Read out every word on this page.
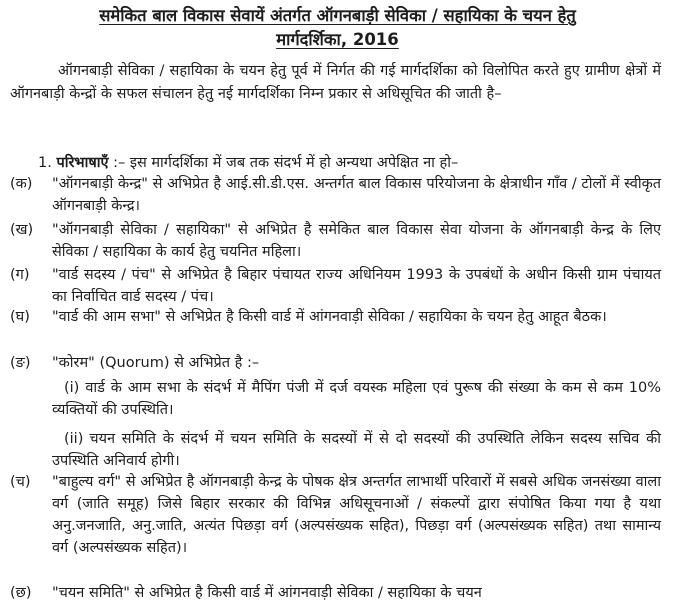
समेकित बाल विकास सेवायें अंतर्गत ऑगनबाड़ी सेविका / सहायिका के चयन हेतु
मार्गदर्शिका, 2016

ऑगनबाड़ी सेविका / सहायिका के चयन हेतु पूर्व में निर्गत की गई मार्गदर्शिका को विलोपित करते हुए ग्रामीण क्षेत्रों में ऑगनबाड़ी केन्द्रों के सफल संचालन हेतु नई मार्गदर्शिका निम्न प्रकार से अधिसूचित की जाती है–

1. परिभाषाएँ :– इस मार्गदर्शिका में जब तक संदर्भ में हो अन्यथा अपेक्षित ना हो–
(क)	"ऑगनबाड़ी केन्द्र" से अभिप्रेत है आई.सी.डी.एस. अन्तर्गत बाल विकास परियोजना के क्षेत्राधीन गाँव / टोलों में स्वीकृत ऑगनबाड़ी केन्द्र।
(ख)	"ऑगनबाड़ी सेविका / सहायिका" से अभिप्रेत है समेकित बाल विकास सेवा योजना के ऑगनबाड़ी केन्द्र के लिए सेविका / सहायिका के कार्य हेतु चयनित महिला।
(ग)	"वार्ड सदस्य / पंच" से अभिप्रेत है बिहार पंचायत राज्य अधिनियम 1993 के उपबंधों के अधीन किसी ग्राम पंचायत का निर्वाचित वार्ड सदस्य / पंच।
(घ)	"वार्ड की आम सभा" से अभिप्रेत है किसी वार्ड में आंगनवाड़ी सेविका / सहायिका के चयन हेतु आहूत बैठक।
(ङ)	"कोरम" (Quorum) से अभिप्रेत है :–
(i) वार्ड के आम सभा के संदर्भ में मैपिंग पंजी में दर्ज वयस्क महिला एवं पुरूष की संख्या के कम से कम 10% व्यक्तियों की उपस्थिति।
(ii) चयन समिति के संदर्भ में चयन समिति के सदस्यों में से दो सदस्यों की उपस्थिति लेकिन सदस्य सचिव की उपस्थिति अनिवार्य होगी।
(च)	"बाहुल्य वर्ग" से अभिप्रेत है ऑगनबाड़ी केन्द्र के पोषक क्षेत्र अन्तर्गत लाभार्थी परिवारों में सबसे अधिक जनसंख्या वाला वर्ग (जाति समूह) जिसे बिहार सरकार की विभिन्न अधिसूचनाओं / संकल्पों द्वारा संपोषित किया गया है यथा अनु.जनजाति, अनु.जाति, अत्यंत पिछड़ा वर्ग (अल्पसंख्यक सहित), पिछड़ा वर्ग (अल्पसंख्यक सहित) तथा सामान्य वर्ग (अल्पसंख्यक सहित)।
(छ)	"चयन समिति" से अभिप्रेत है किसी वार्ड में आंगनवाड़ी सेविका / सहायिका के चयन
